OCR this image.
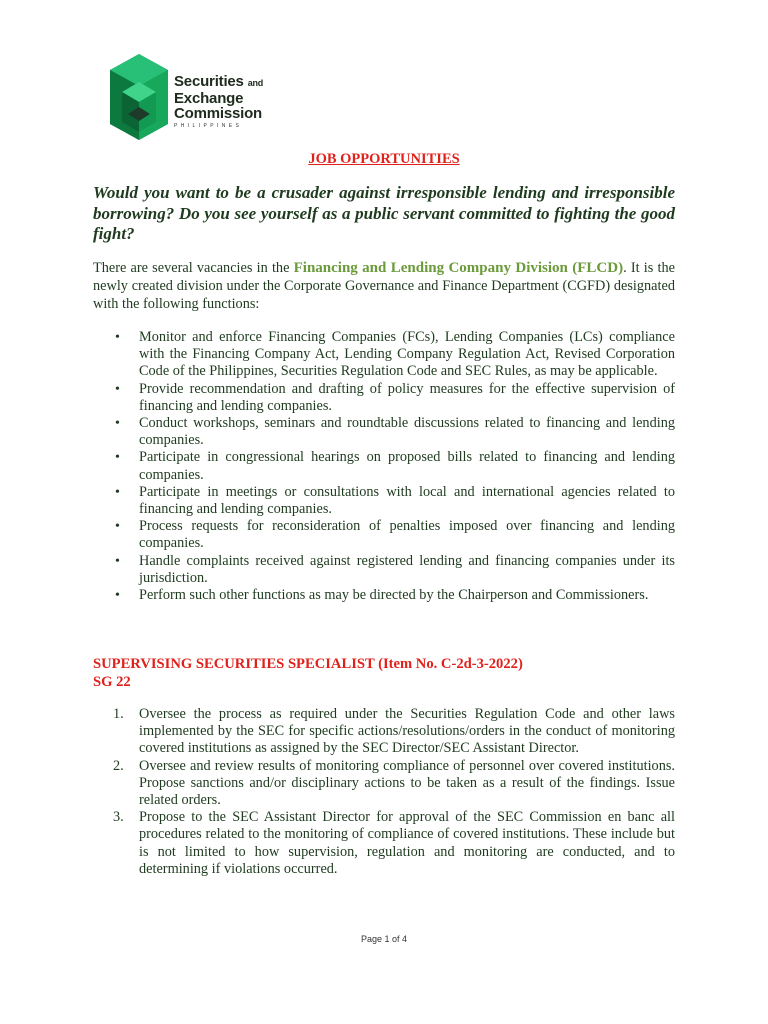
Securities and
Exchange
Commission
PHILIPPINES
JOB OPPORTUNITIES
Would you want to be a crusader against irresponsible lending and irresponsible borrowing? Do you see yourself as a public servant committed to fighting the good fight?
There are several vacancies in the Financing and Lending Company Division (FLCD). It is the newly created division under the Corporate Governance and Finance Department (CGFD) designated with the following functions:
• Monitor and enforce Financing Companies (FCs), Lending Companies (LCs) compliance with the Financing Company Act, Lending Company Regulation Act, Revised Corporation Code of the Philippines, Securities Regulation Code and SEC Rules, as may be applicable.
• Provide recommendation and drafting of policy measures for the effective supervision of financing and lending companies.
• Conduct workshops, seminars and roundtable discussions related to financing and lending companies.
• Participate in congressional hearings on proposed bills related to financing and lending companies.
• Participate in meetings or consultations with local and international agencies related to financing and lending companies.
• Process requests for reconsideration of penalties imposed over financing and lending companies.
• Handle complaints received against registered lending and financing companies under its jurisdiction.
• Perform such other functions as may be directed by the Chairperson and Commissioners.
SUPERVISING SECURITIES SPECIALIST (Item No. C-2d-3-2022)
SG 22
1. Oversee the process as required under the Securities Regulation Code and other laws implemented by the SEC for specific actions/resolutions/orders in the conduct of monitoring covered institutions as assigned by the SEC Director/SEC Assistant Director.
2. Oversee and review results of monitoring compliance of personnel over covered institutions. Propose sanctions and/or disciplinary actions to be taken as a result of the findings. Issue related orders.
3. Propose to the SEC Assistant Director for approval of the SEC Commission en banc all procedures related to the monitoring of compliance of covered institutions. These include but is not limited to how supervision, regulation and monitoring are conducted, and to determining if violations occurred.
Page 1 of 4
